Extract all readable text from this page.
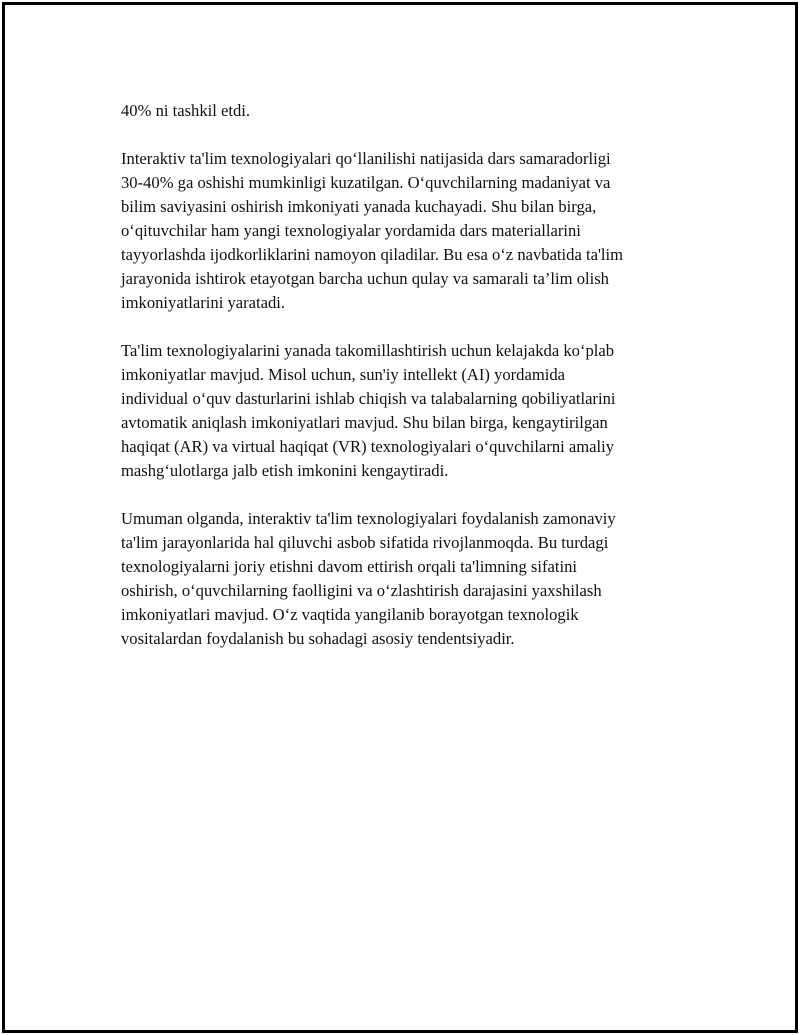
40% ni tashkil etdi.

Interaktiv ta'lim texnologiyalari qo‘llanilishi natijasida dars samaradorligi
30-40% ga oshishi mumkinligi kuzatilgan. O‘quvchilarning madaniyat va
bilim saviyasini oshirish imkoniyati yanada kuchayadi. Shu bilan birga,
o‘qituvchilar ham yangi texnologiyalar yordamida dars materiallarini
tayyorlashda ijodkorliklarini namoyon qiladilar. Bu esa o‘z navbatida ta'lim
jarayonida ishtirok etayotgan barcha uchun qulay va samarali ta’lim olish
imkoniyatlarini yaratadi.

Ta'lim texnologiyalarini yanada takomillashtirish uchun kelajakda ko‘plab
imkoniyatlar mavjud. Misol uchun, sun'iy intellekt (AI) yordamida
individual o‘quv dasturlarini ishlab chiqish va talabalarning qobiliyatlarini
avtomatik aniqlash imkoniyatlari mavjud. Shu bilan birga, kengaytirilgan
haqiqat (AR) va virtual haqiqat (VR) texnologiyalari o‘quvchilarni amaliy
mashg‘ulotlarga jalb etish imkonini kengaytiradi.

Umuman olganda, interaktiv ta'lim texnologiyalari foydalanish zamonaviy
ta'lim jarayonlarida hal qiluvchi asbob sifatida rivojlanmoqda. Bu turdagi
texnologiyalarni joriy etishni davom ettirish orqali ta'limning sifatini
oshirish, o‘quvchilarning faolligini va o‘zlashtirish darajasini yaxshilash
imkoniyatlari mavjud. O‘z vaqtida yangilanib borayotgan texnologik
vositalardan foydalanish bu sohadagi asosiy tendentsiyadir.
